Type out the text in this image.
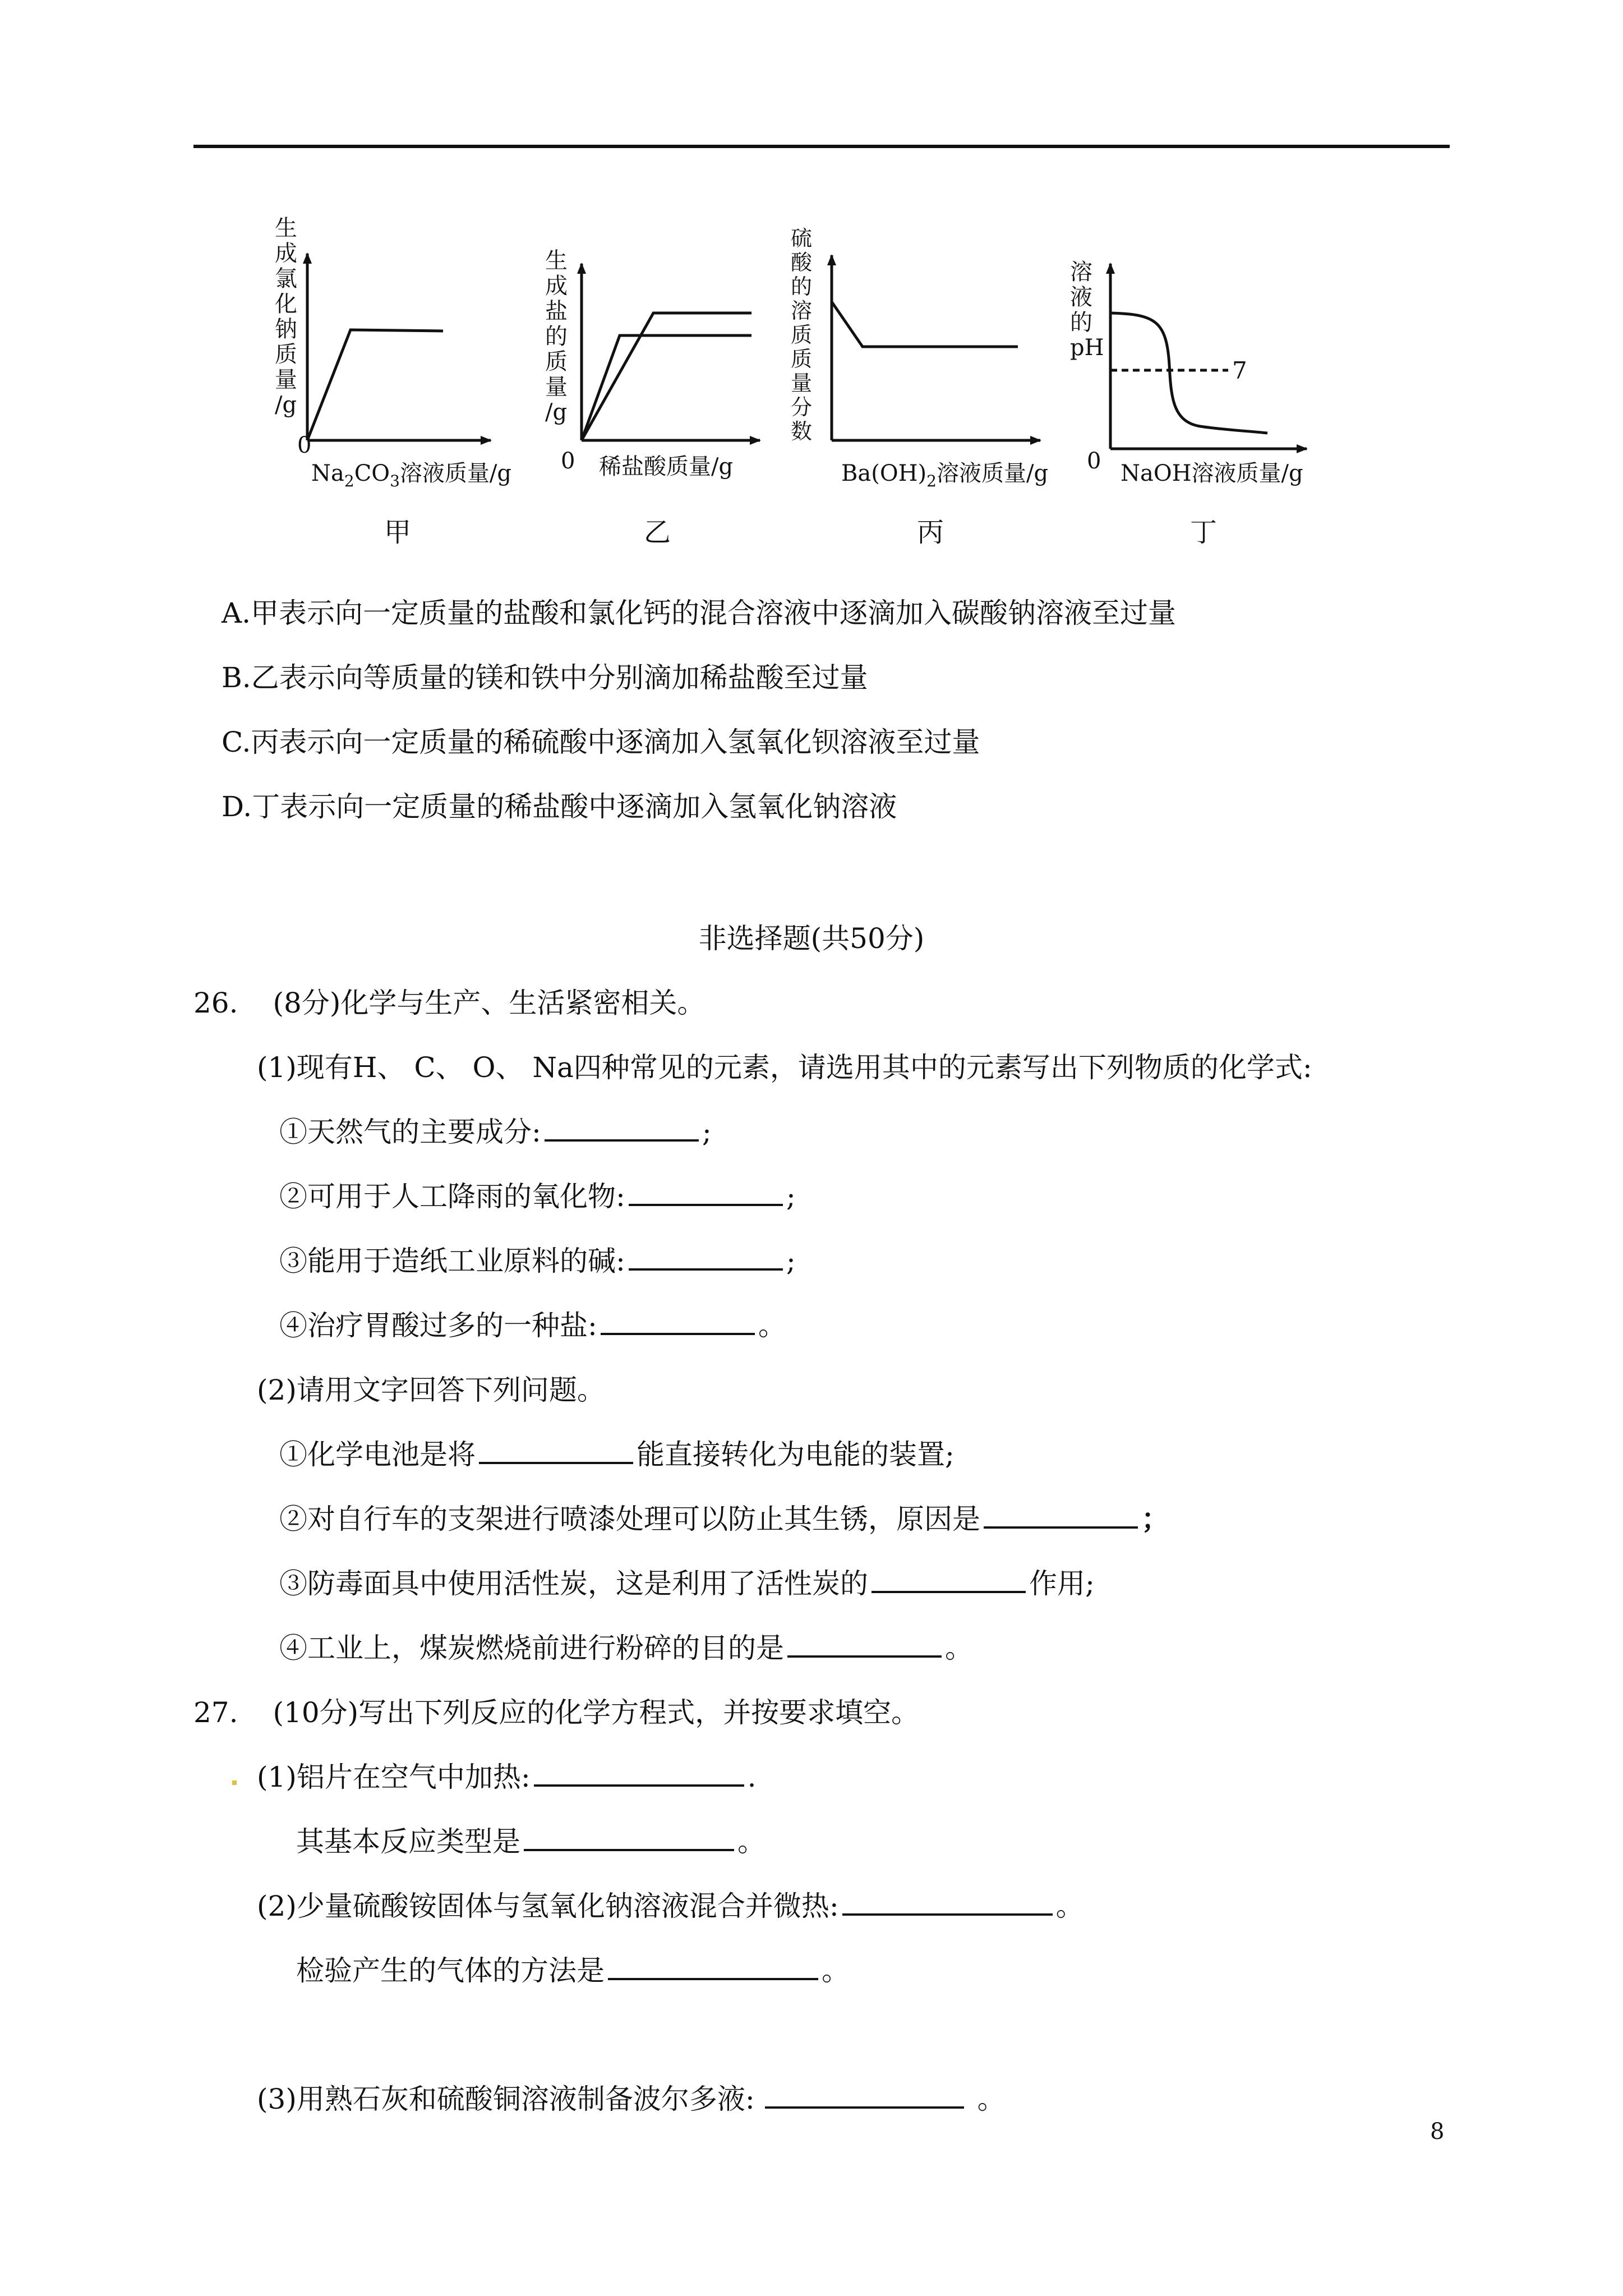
生
成
氯
化
钠
质
量
/g
0
$Na_2CO_3$溶液质量/g
甲
生
成
盐
的
质
量
/g
0 稀盐酸质量/g
乙
硫
酸
的
溶
质
质
量
分
数
$Ba(OH)_2$溶液质量/g
丙
7
溶
液
的
pH
0 NaOH溶液质量/g
丁
A.甲表示向一定质量的盐酸和氯化钙的混合溶液中逐滴加入碳酸钠溶液至过量
B.乙表示向等质量的镁和铁中分别滴加稀盐酸至过量
C.丙表示向一定质量的稀硫酸中逐滴加入氢氧化钡溶液至过量
D.丁表示向一定质量的稀盐酸中逐滴加入氢氧化钠溶液
非选择题(共50分)
26. (8分)化学与生产、生活紧密相关。
(1)现有H、 C、 O、 Na四种常见的元素，请选用其中的元素写出下列物质的化学式:
①天然气的主要成分:	;
②可用于人工降雨的氧化物:	;
③能用于造纸工业原料的碱:	;
④治疗胃酸过多的一种盐:	。
(2)请用文字回答下列问题。
①化学电池是将	能直接转化为电能的装置;
②对自行车的支架进行喷漆处理可以防止其生锈，原因是	；
③防毒面具中使用活性炭，这是利用了活性炭的	作用;
④工业上，煤炭燃烧前进行粉碎的目的是	。
27. (10分)写出下列反应的化学方程式，并按要求填空。
(1)铝片在空气中加热:	.
其基本反应类型是	。
(2)少量硫酸铵固体与氢氧化钠溶液混合并微热:	。
检验产生的气体的方法是	。
(3)用熟石灰和硫酸铜溶液制备波尔多液:	。
8
